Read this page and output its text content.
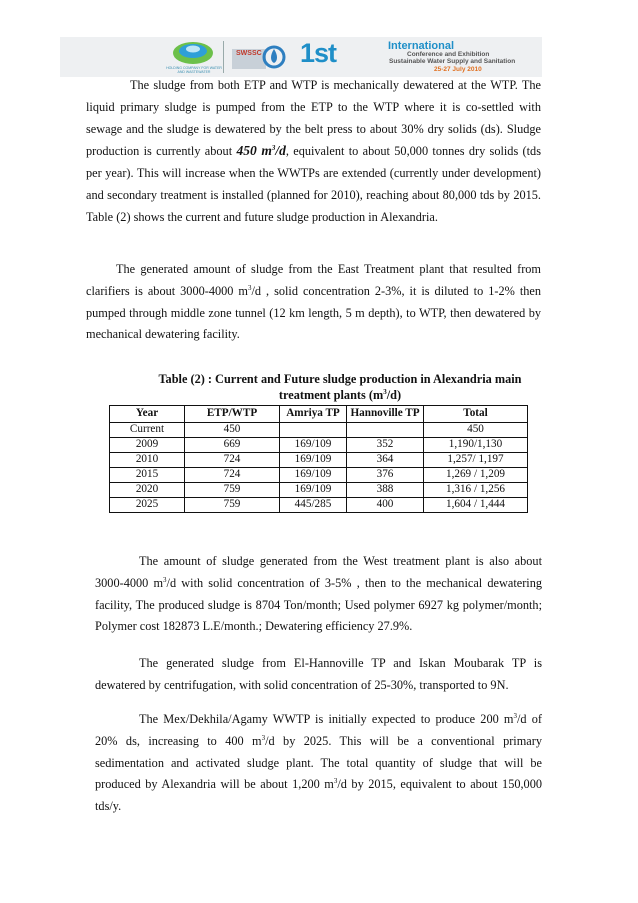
HOLDING COMPANY FOR WATER AND WASTEWATER
SWSSC 1st	International
Conference and Exhibition
Sustainable Water Supply and Sanitation
25-27 July 2010
The sludge from both ETP and WTP is mechanically dewatered at the WTP. The liquid primary sludge is pumped from the ETP to the WTP where it is co-settled with sewage and the sludge is dewatered by the belt press to about 30% dry solids (ds). Sludge production is currently about 450 $m^3/d$, equivalent to about 50,000 tonnes dry solids (tds per year). This will increase when the WWTPs are extended (currently under development) and secondary treatment is installed (planned for 2010), reaching about 80,000 tds by 2015. Table (2) shows the current and future sludge production in Alexandria.
The generated amount of sludge from the East Treatment plant that resulted from clarifiers is about 3000-4000 $m^3/d$ , solid concentration 2-3%, it is diluted to 1-2% then pumped through middle zone tunnel (12 km length, 5 m depth), to WTP, then dewatered by mechanical dewatering facility.
Table (2) : Current and Future sludge production in Alexandria main
treatment plants $(m^3/d)$
Year	ETP/WTP	Amriya TP	Hannoville TP	Total
Current	450			450
2009	669	169/109	352	1,190/1,130
2010	724	169/109	364	1,257/ 1,197
2015	724	169/109	376	1,269 / 1,209
2020	759	169/109	388	1,316 / 1,256
2025	759	445/285	400	1,604 / 1,444
The amount of sludge generated from the West treatment plant is also about 3000-4000 $m^3/d$ with solid concentration of 3-5% , then to the mechanical dewatering facility, The produced sludge is 8704 Ton/month; Used polymer 6927 kg polymer/month; Polymer cost 182873 L.E/month.; Dewatering efficiency 27.9%.
The generated sludge from El-Hannoville TP and Iskan Moubarak TP is dewatered by centrifugation, with solid concentration of 25-30%, transported to 9N.
The Mex/Dekhila/Agamy WWTP is initially expected to produce 200 $m^3/d$ of 20% ds, increasing to 400 $m^3/d$ by 2025. This will be a conventional primary sedimentation and activated sludge plant. The total quantity of sludge that will be produced by Alexandria will be about 1,200 $m^3/d$ by 2015, equivalent to about 150,000 tds/y.
